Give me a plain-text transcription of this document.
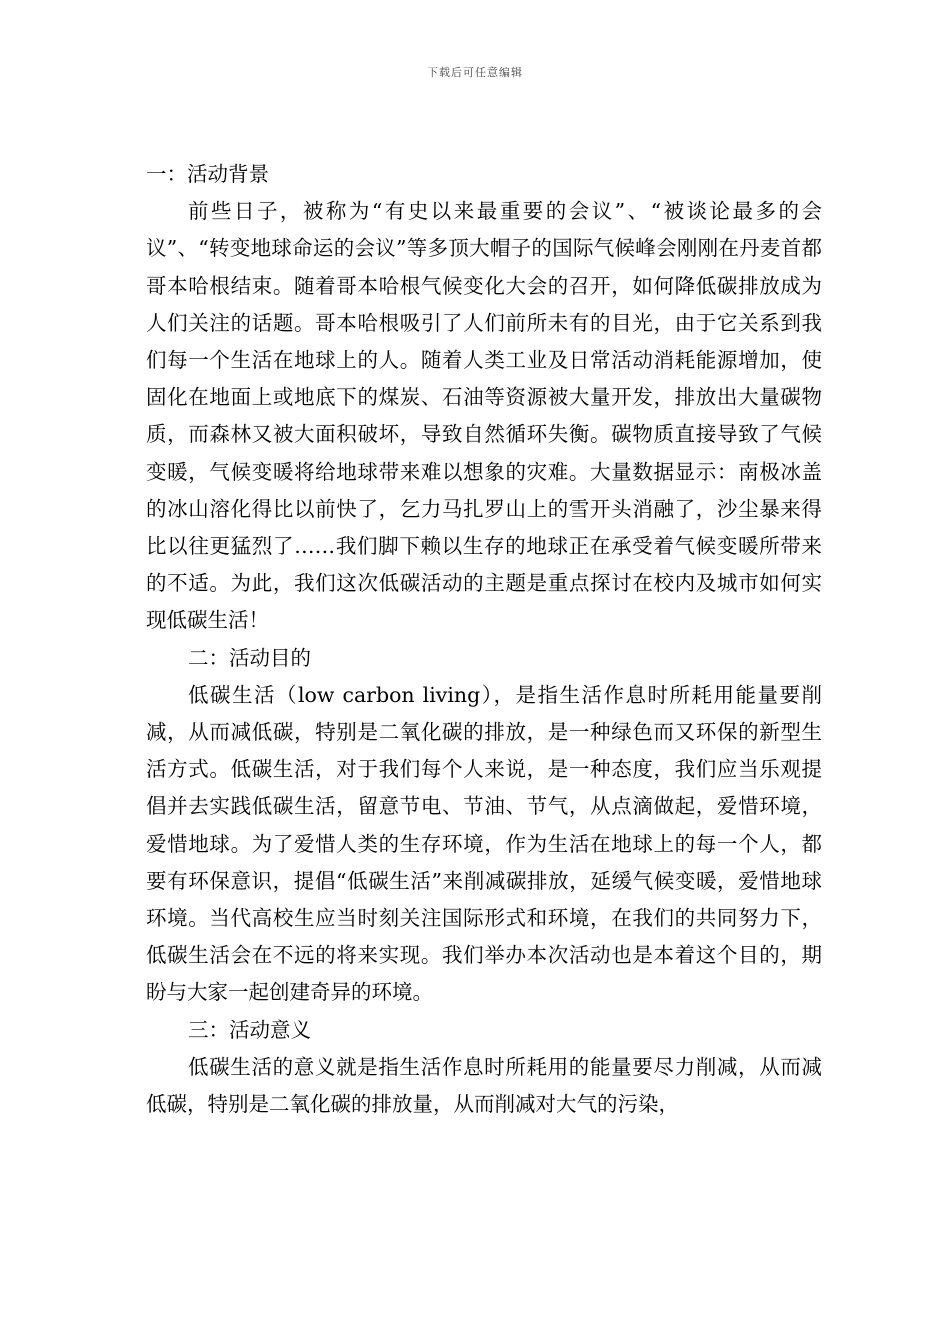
下载后可任意编辑

一：活动背景

前些日子，被称为“有史以来最重要的会议”、“被谈论最多的会议”、“转变地球命运的会议”等多顶大帽子的国际气候峰会刚刚在丹麦首都哥本哈根结束。随着哥本哈根气候变化大会的召开，如何降低碳排放成为人们关注的话题。哥本哈根吸引了人们前所未有的目光，由于它关系到我们每一个生活在地球上的人。随着人类工业及日常活动消耗能源增加，使固化在地面上或地底下的煤炭、石油等资源被大量开发，排放出大量碳物质，而森林又被大面积破坏，导致自然循环失衡。碳物质直接导致了气候变暖，气候变暖将给地球带来难以想象的灾难。大量数据显示：南极冰盖的冰山溶化得比以前快了，乞力马扎罗山上的雪开头消融了，沙尘暴来得比以往更猛烈了……我们脚下赖以生存的地球正在承受着气候变暖所带来的不适。为此，我们这次低碳活动的主题是重点探讨在校内及城市如何实现低碳生活！

二：活动目的

低碳生活（low carbon living），是指生活作息时所耗用能量要削减，从而减低碳，特别是二氧化碳的排放，是一种绿色而又环保的新型生活方式。低碳生活，对于我们每个人来说，是一种态度，我们应当乐观提倡并去实践低碳生活，留意节电、节油、节气，从点滴做起，爱惜环境，爱惜地球。为了爱惜人类的生存环境，作为生活在地球上的每一个人，都要有环保意识，提倡“低碳生活”来削减碳排放，延缓气候变暖，爱惜地球环境。当代高校生应当时刻关注国际形式和环境，在我们的共同努力下，低碳生活会在不远的将来实现。我们举办本次活动也是本着这个目的，期盼与大家一起创建奇异的环境。

三：活动意义

低碳生活的意义就是指生活作息时所耗用的能量要尽力削减，从而减低碳，特别是二氧化碳的排放量，从而削减对大气的污染，
